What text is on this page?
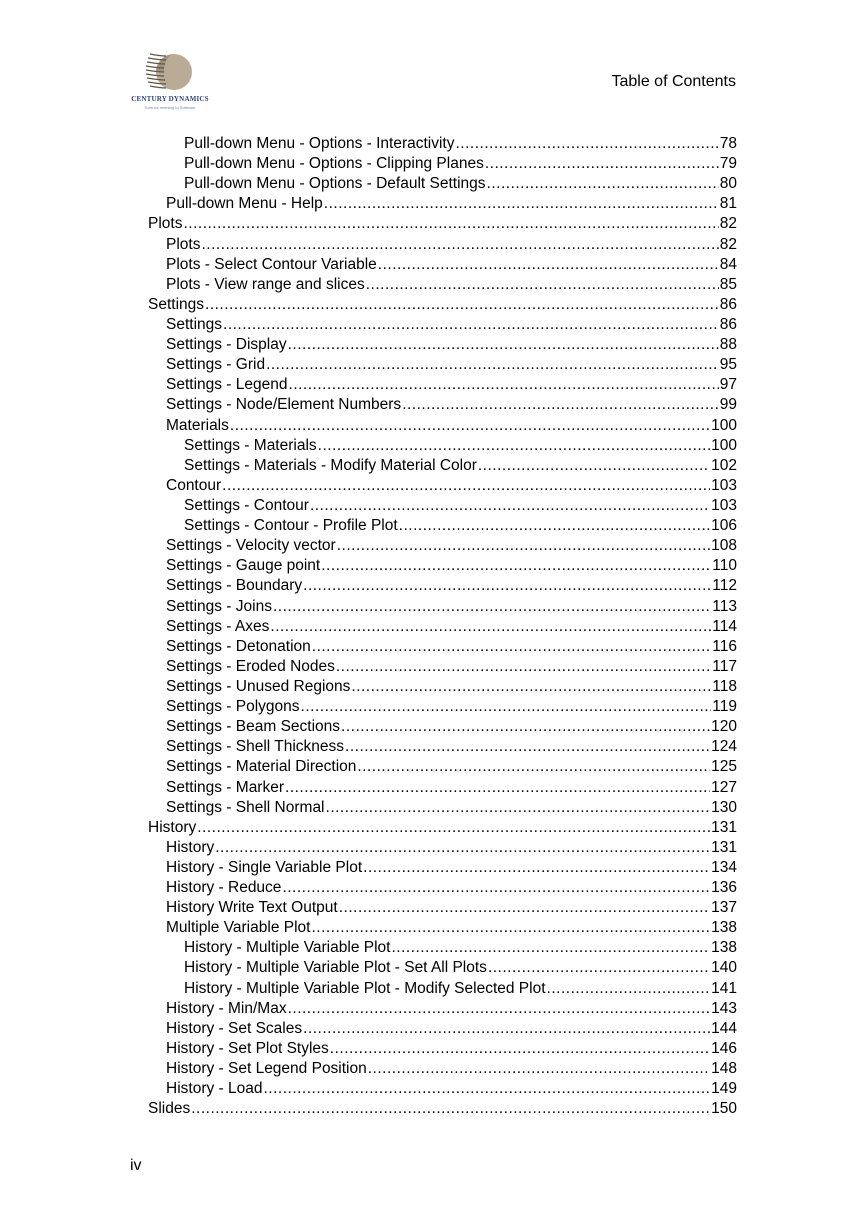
CENTURY DYNAMICS
Science meeting to Software
Table of Contents
Pull-down Menu - Options - Interactivity .....	78
Pull-down Menu - Options - Clipping Planes .....	79
Pull-down Menu - Options - Default Settings .....	80
Pull-down Menu - Help .....	81
Plots .....	82
Plots .....	82
Plots - Select Contour Variable .....	84
Plots - View range and slices .....	85
Settings .....	86
Settings .....	86
Settings - Display .....	88
Settings - Grid .....	95
Settings - Legend .....	97
Settings - Node/Element Numbers .....	99
Materials .....	100
Settings - Materials .....	100
Settings - Materials - Modify Material Color .....	102
Contour .....	103
Settings - Contour .....	103
Settings - Contour - Profile Plot .....	106
Settings - Velocity vector .....	108
Settings - Gauge point .....	110
Settings - Boundary .....	112
Settings - Joins .....	113
Settings - Axes .....	114
Settings - Detonation .....	116
Settings - Eroded Nodes .....	117
Settings - Unused Regions .....	118
Settings - Polygons .....	119
Settings - Beam Sections .....	120
Settings - Shell Thickness .....	124
Settings - Material Direction .....	125
Settings - Marker .....	127
Settings - Shell Normal .....	130
History .....	131
History .....	131
History - Single Variable Plot .....	134
History - Reduce .....	136
History Write Text Output .....	137
Multiple Variable Plot .....	138
History - Multiple Variable Plot .....	138
History - Multiple Variable Plot - Set All Plots .....	140
History - Multiple Variable Plot - Modify Selected Plot .....	141
History - Min/Max .....	143
History - Set Scales .....	144
History - Set Plot Styles .....	146
History - Set Legend Position .....	148
History - Load .....	149
Slides .....	150
iv
